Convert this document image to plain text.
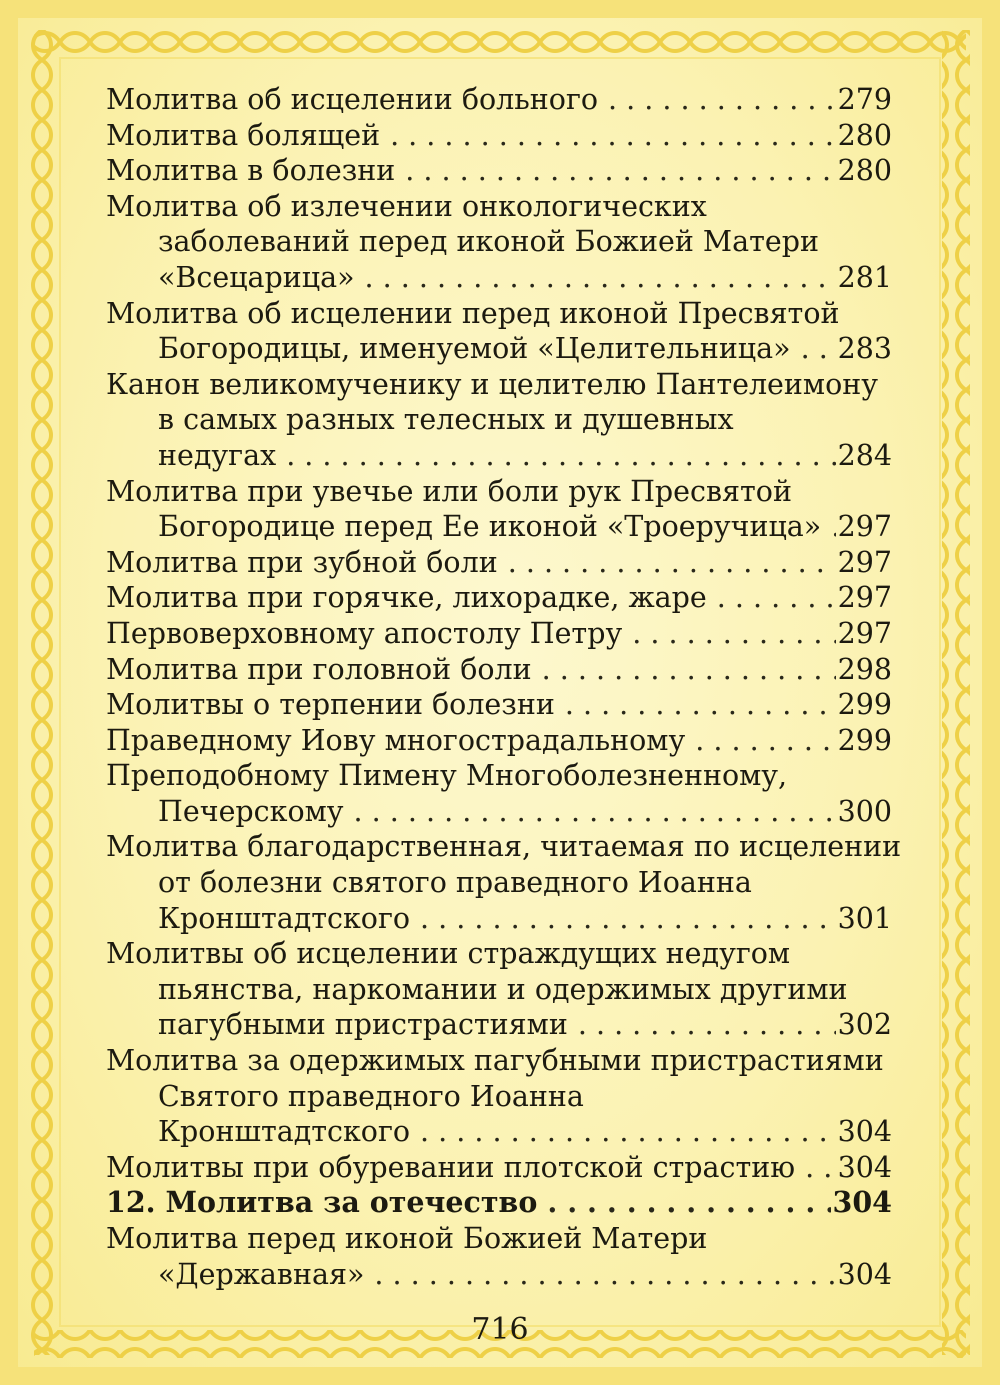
Молитва об исцелении больного . . .	279
Молитва болящей . . .	280
Молитва в болезни . . .	280
Молитва об излечении онкологических
заболеваний перед иконой Божией Матери
«Всецарица» . . .	281
Молитва об исцелении перед иконой Пресвятой
Богородицы, именуемой «Целительница» . . . 283
Канон великомученику и целителю Пантелеимону
в самых разных телесных и душевных
недугах . . .	284
Молитва при увечье или боли рук Пресвятой
Богородице перед Ее иконой «Троеручица» . . . 297
Молитва при зубной боли . . .	297
Молитва при горячке, лихорадке, жаре . . .	297
Первоверховному апостолу Петру . . .	297
Молитва при головной боли . . .	298
Молитвы о терпении болезни . . .	299
Праведному Иову многострадальному . . .	299
Преподобному Пимену Многоболезненному,
Печерскому . . .	300
Молитва благодарственная, читаемая по исцелении
от болезни святого праведного Иоанна
Кронштадтского . . .	301
Молитвы об исцелении страждущих недугом
пьянства, наркомании и одержимых другими
пагубными пристрастиями . . .	302
Молитва за одержимых пагубными пристрастиями
Святого праведного Иоанна
Кронштадтского . . .	304
Молитвы при обуревании плотской страстию . . . 304
12. Молитва за отечество . . .	304
Молитва перед иконой Божией Матери
«Державная» . . .	304
716
